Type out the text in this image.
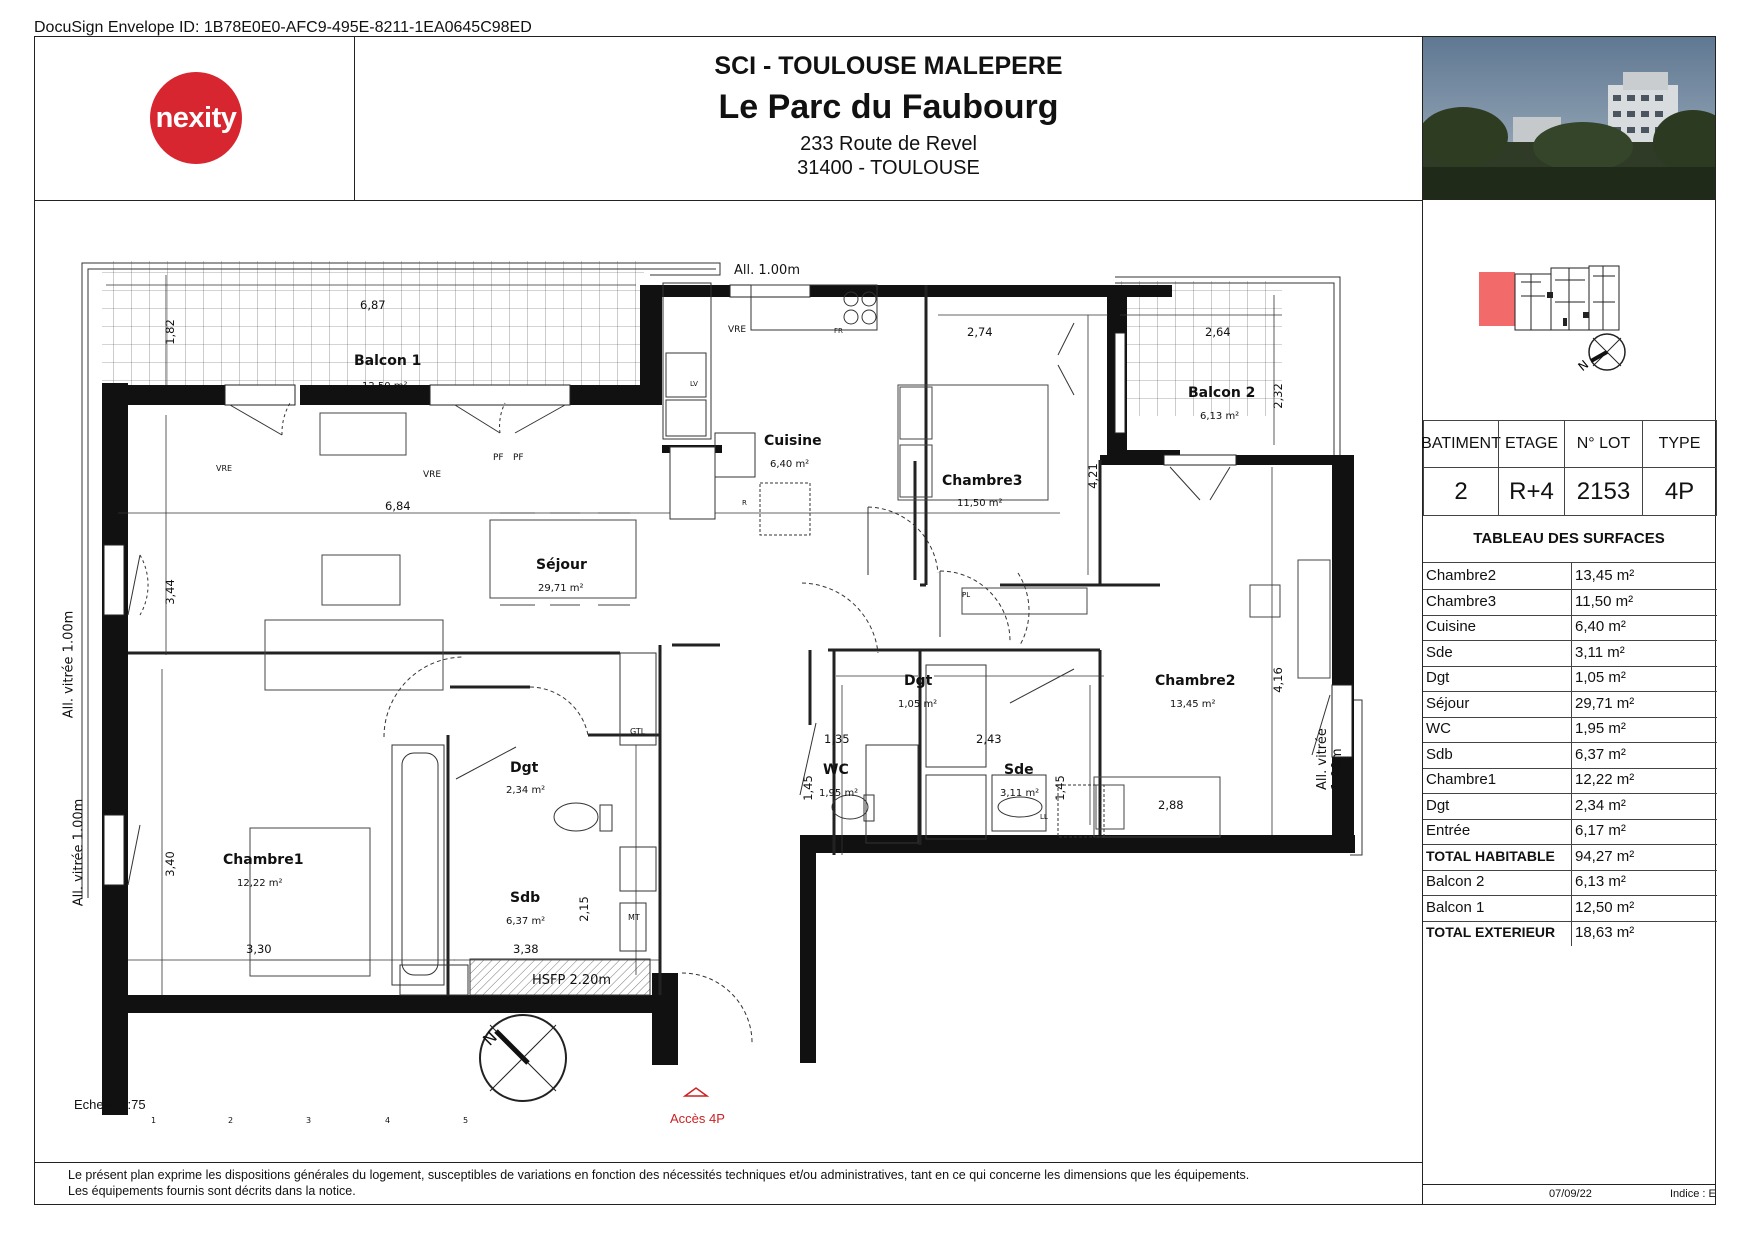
DocuSign Envelope ID: 1B78E0E0-AFC9-495E-8211-1EA0645C98ED
nexity
SCI - TOULOUSE MALEPERE
Le Parc du Faubourg
233 Route de Revel
31400 - TOULOUSE
N
BATIMENT ETAGE	N° LOT	TYPE
2	R+4 2153	4P
TABLEAU DES SURFACES
Chambre2	13,45 m²
Chambre3	11,50 m²
Cuisine	6,40 m²
Sde	3,11 m²
Dgt	1,05 m²
Séjour	29,71 m²
WC	1,95 m²
Sdb	6,37 m²
Chambre1	12,22 m²
Dgt	2,34 m²
Entrée	6,17 m²
TOTAL HABITABLE 94,27 m²
Balcon 2	6,13 m²
Balcon 1	12,50 m²
TOTAL EXTERIEUR 18,63 m²
Balcon 1
12,50 m²	Balcon 2
6,13 m²
Cuisine
6,40 m²
Chambre3
11,50 m²
Séjour
29,71 m²
Dgt
1,05 m²
Chambre2
13,45 m²
Dgt
2,34 m²
WC
1,95 m²
Sde
3,11 m²
Chambre1
12,22 m²
Sdb
6,37 m²
6,87
1,82
6,84
3,44
2,74	2,64
2,32
4,21
4,16
1,35	2,43
1,45	1,45
2,88
3,40
3,30
2,15
3,38
All. 1.00m
All. vitrée 1.00m
All. vitrée 1.00m
All. vitrée 1.00m
HSFP 2.20m
VRE
VRE
VRE
PF PF
FR
LV
R
PL
GTL
MT
LL
N
1	2	3	4	5
Echelle 1:75
Accès 4P
Le présent plan exprime les dispositions générales du logement, susceptibles de variations en fonction des nécessités techniques et/ou administratives, tant en ce qui concerne les dimensions que les équipements.
Les équipements fournis sont décrits dans la notice.	07/09/22	Indice : E
